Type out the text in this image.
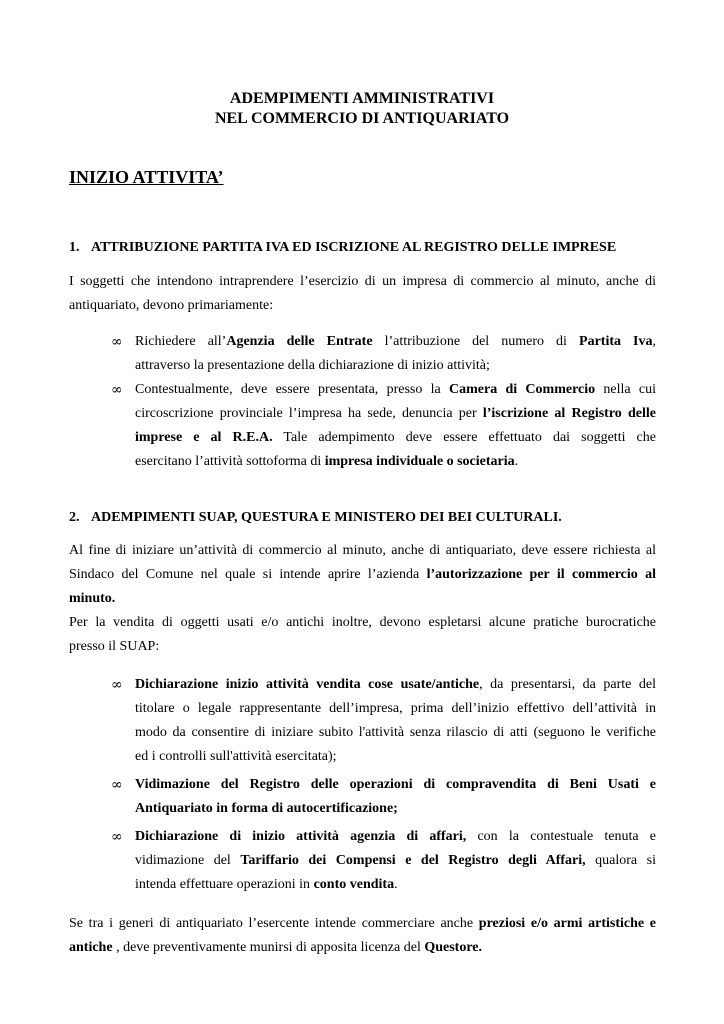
ADEMPIMENTI AMMINISTRATIVI
NEL COMMERCIO DI ANTIQUARIATO
INIZIO ATTIVITA’
1. ATTRIBUZIONE PARTITA IVA ED ISCRIZIONE AL REGISTRO DELLE IMPRESE
I soggetti che intendono intraprendere l’esercizio di un impresa di commercio al minuto, anche di
antiquariato, devono primariamente:
∞ Richiedere all’Agenzia delle Entrate l’attribuzione del numero di Partita Iva,
attraverso la presentazione della dichiarazione di inizio attività;
∞ Contestualmente, deve essere presentata, presso la Camera di Commercio nella cui
circoscrizione provinciale l’impresa ha sede, denuncia per l’iscrizione al Registro delle
imprese e al R.E.A. Tale adempimento deve essere effettuato dai soggetti che
esercitano l’attività sottoforma di impresa individuale o societaria.
2. ADEMPIMENTI SUAP, QUESTURA E MINISTERO DEI BEI CULTURALI.
Al fine di iniziare un’attività di commercio al minuto, anche di antiquariato, deve essere richiesta al
Sindaco del Comune nel quale si intende aprire l’azienda l’autorizzazione per il commercio al
minuto.
Per la vendita di oggetti usati e/o antichi inoltre, devono espletarsi alcune pratiche burocratiche
presso il SUAP:
∞ Dichiarazione inizio attività vendita cose usate/antiche, da presentarsi, da parte del
titolare o legale rappresentante dell’impresa, prima dell’inizio effettivo dell’attività in
modo da consentire di iniziare subito l'attività senza rilascio di atti (seguono le verifiche
ed i controlli sull'attività esercitata);
∞ Vidimazione del Registro delle operazioni di compravendita di Beni Usati e
Antiquariato in forma di autocertificazione;
∞ Dichiarazione di inizio attività agenzia di affari, con la contestuale tenuta e
vidimazione del Tariffario dei Compensi e del Registro degli Affari, qualora si
intenda effettuare operazioni in conto vendita.
Se tra i generi di antiquariato l’esercente intende commerciare anche preziosi e/o armi artistiche e
antiche , deve preventivamente munirsi di apposita licenza del Questore.
